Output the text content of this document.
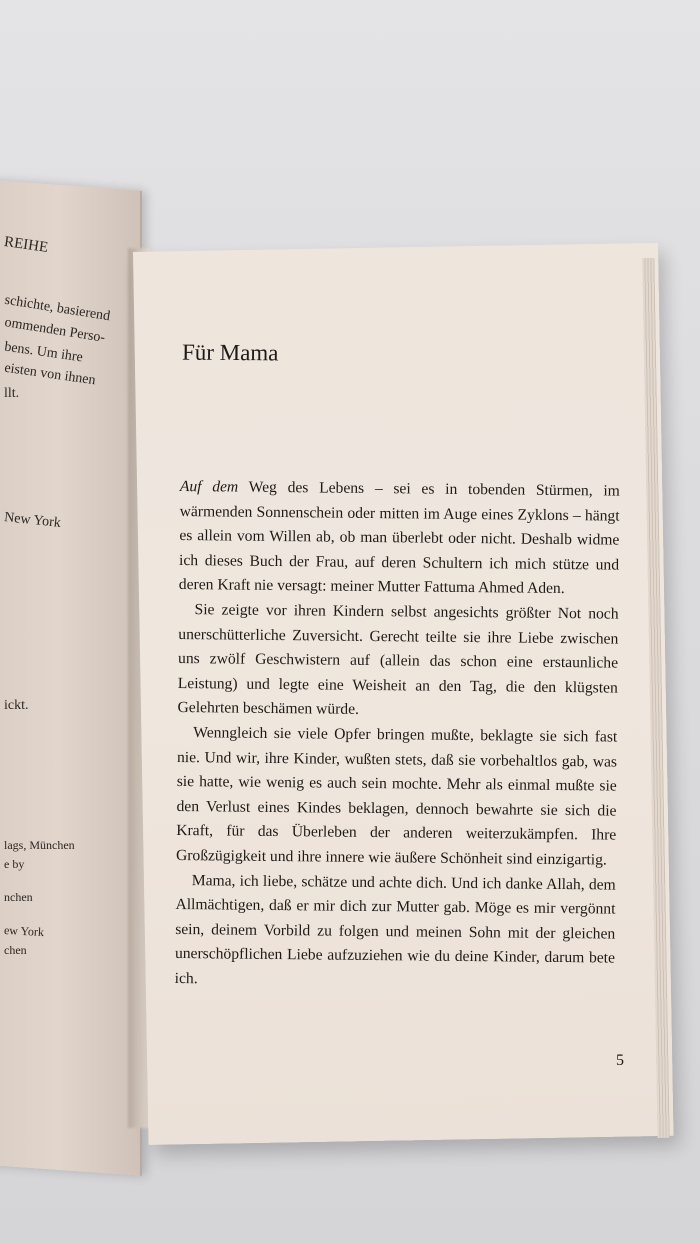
REIHE
schichte, basierend
ommenden Perso-
bens. Um ihre
eisten von ihnen
llt.
New York
ickt.
lags, München
e by
nchen
ew York
chen
Für Mama

Auf dem Weg des Lebens – sei es in tobenden Stürmen, im wärmenden Sonnenschein oder mitten im Auge eines Zyklons – hängt es allein vom Willen ab, ob man überlebt oder nicht. Deshalb widme ich dieses Buch der Frau, auf deren Schultern ich mich stütze und deren Kraft nie versagt: meiner Mutter Fattuma Ahmed Aden.

Sie zeigte vor ihren Kindern selbst angesichts größter Not noch unerschütterliche Zuversicht. Gerecht teilte sie ihre Liebe zwischen uns zwölf Geschwistern auf (allein das schon eine erstaunliche Leistung) und legte eine Weisheit an den Tag, die den klügsten Gelehrten beschämen würde.

Wenngleich sie viele Opfer bringen mußte, beklagte sie sich fast nie. Und wir, ihre Kinder, wußten stets, daß sie vorbehaltlos gab, was sie hatte, wie wenig es auch sein mochte. Mehr als einmal mußte sie den Verlust eines Kindes beklagen, dennoch bewahrte sie sich die Kraft, für das Überleben der anderen weiterzukämpfen. Ihre Großzügigkeit und ihre innere wie äußere Schönheit sind einzigartig.

Mama, ich liebe, schätze und achte dich. Und ich danke Allah, dem Allmächtigen, daß er mir dich zur Mutter gab. Möge es mir vergönnt sein, deinem Vorbild zu folgen und meinen Sohn mit der gleichen unerschöpflichen Liebe aufzuziehen wie du deine Kinder, darum bete ich.

5
